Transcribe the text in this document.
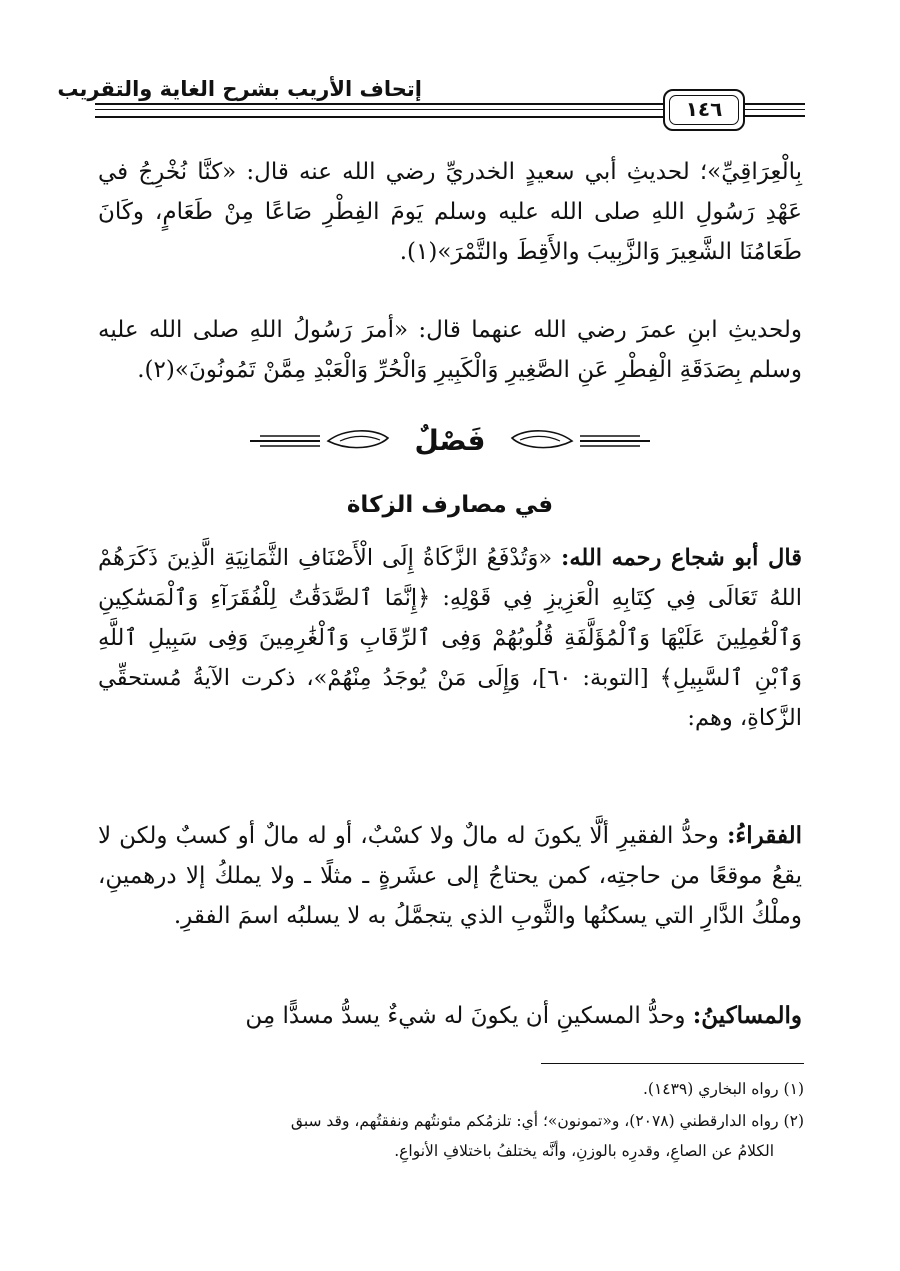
إتحاف الأريب بشرح الغاية والتقريب
١٤٦
بِالْعِرَاقِيِّ»؛ لحديثِ أبي سعيدٍ الخدريِّ رضي الله عنه قال: «كنَّا نُخْرِجُ في عَهْدِ رَسُولِ اللهِ صلى الله عليه وسلم يَومَ الفِطْرِ صَاعًا مِنْ طَعَامٍ، وكَانَ طَعَامُنَا الشَّعِيرَ وَالزَّبِيبَ والأَقِطَ والتَّمْرَ»(١).
ولحديثِ ابنِ عمرَ رضي الله عنهما قال: «أمرَ رَسُولُ اللهِ صلى الله عليه وسلم بِصَدَقَةِ الْفِطْرِ عَنِ الصَّغِيرِ وَالْكَبِيرِ وَالْحُرِّ وَالْعَبْدِ مِمَّنْ تَمُونُونَ»(٢).
فَصْلٌ
في مصارف الزكاة
قال أبو شجاع رحمه الله: «وَتُدْفَعُ الزَّكَاةُ إِلَى الْأَصْنَافِ الثَّمَانِيَةِ الَّذِينَ ذَكَرَهُمْ اللهُ تَعَالَى فِي كِتَابِهِ الْعَزِيزِ فِي قَوْلِهِ: ﴿إِنَّمَا ٱلصَّدَقَٰتُ لِلْفُقَرَآءِ وَٱلْمَسَٰكِينِ وَٱلْعَٰمِلِينَ عَلَيْهَا وَٱلْمُؤَلَّفَةِ قُلُوبُهُمْ وَفِى ٱلرِّقَابِ وَٱلْغَٰرِمِينَ وَفِى سَبِيلِ ٱللَّهِ وَٱبْنِ ٱلسَّبِيلِ﴾ [التوبة: ٦٠]، وَإِلَى مَنْ يُوجَدُ مِنْهُمْ»، ذكرت الآيةُ مُستحقِّي الزَّكاةِ، وهم:
الفقراءُ: وحدُّ الفقيرِ ألَّا يكونَ له مالٌ ولا كسْبٌ، أو له مالٌ أو كسبٌ ولكن لا يقعُ موقعًا من حاجتِه، كمن يحتاجُ إلى عشَرةٍ ـ مثلًا ـ ولا يملكُ إلا درهمينِ، وملْكُ الدَّارِ التي يسكنُها والثَّوبِ الذي يتجمَّلُ به لا يسلبُه اسمَ الفقرِ.
والمساكينُ: وحدُّ المسكينِ أن يكونَ له شيءٌ يسدُّ مسدًّا مِن
(١) رواه البخاري (١٤٣٩).
(٢) رواه الدارقطني (٢٠٧٨)، و«تمونون»؛ أي: تلزمُكم مئونتُهم ونفقتُهم، وقد سبق
الكلامُ عن الصاعِ، وقدرِه بالوزنِ، وأنَّه يختلفُ باختلافِ الأنواعِ.
